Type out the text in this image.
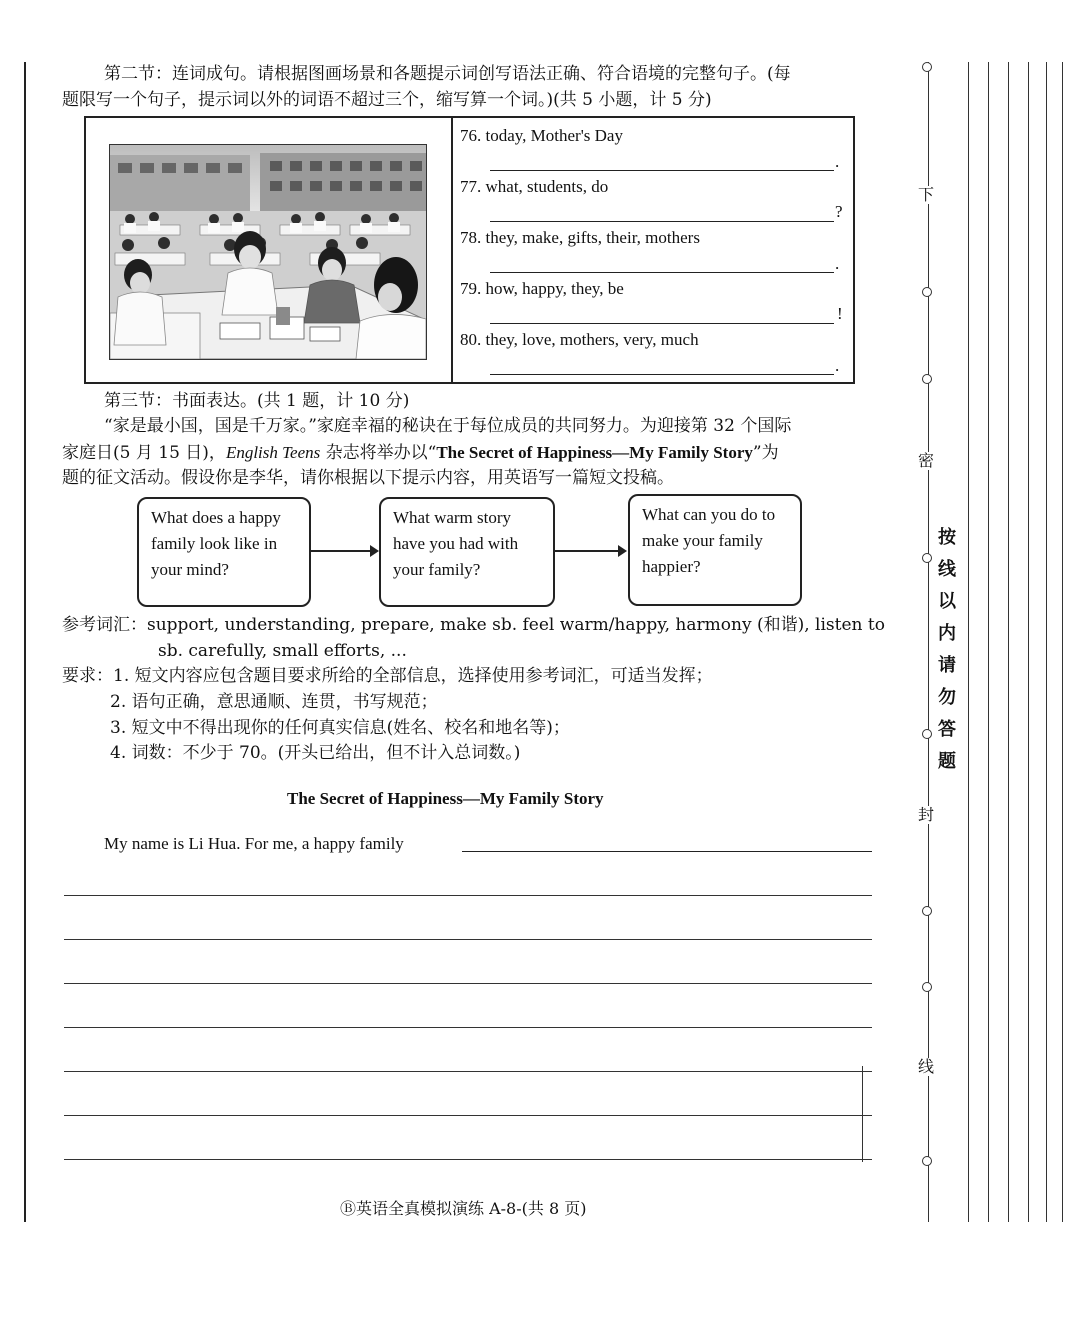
第二节：连词成句。请根据图画场景和各题提示词创写语法正确、符合语境的完整句子。(每
题限写一个句子，提示词以外的词语不超过三个，缩写算一个词。)(共 5 小题，计 5 分)
76. today, Mother's Day
.
77. what, students, do
?
78. they, make, gifts, their, mothers
.
79. how, happy, they, be
!
80. they, love, mothers, very, much
.
第三节：书面表达。(共 1 题，计 10 分)
“家是最小国，国是千万家。”家庭幸福的秘诀在于每位成员的共同努力。为迎接第 32 个国际
家庭日(5 月 15 日)，English Teens 杂志将举办以“The Secret of Happiness—My Family Story”为
题的征文活动。假设你是李华，请你根据以下提示内容，用英语写一篇短文投稿。
What does a happy
family look like in
your mind?
What warm story
have you had with
your family?
What can you do to
make your family
happier?
参考词汇：support, understanding, prepare, make sb. feel warm/happy, harmony (和谐), listen to
sb. carefully, small efforts, ...
要求：1. 短文内容应包含题目要求所给的全部信息，选择使用参考词汇，可适当发挥；
2. 语句正确，意思通顺、连贯，书写规范；
3. 短文中不得出现你的任何真实信息(姓名、校名和地名等)；
4. 词数：不少于 70。(开头已给出，但不计入总词数。)
The Secret of Happiness—My Family Story
My name is Li Hua. For me, a happy family
Ⓑ英语全真模拟演练 A-8-(共 8 页)
下
密
封
线
按
线
以
内
请
勿
答
题
